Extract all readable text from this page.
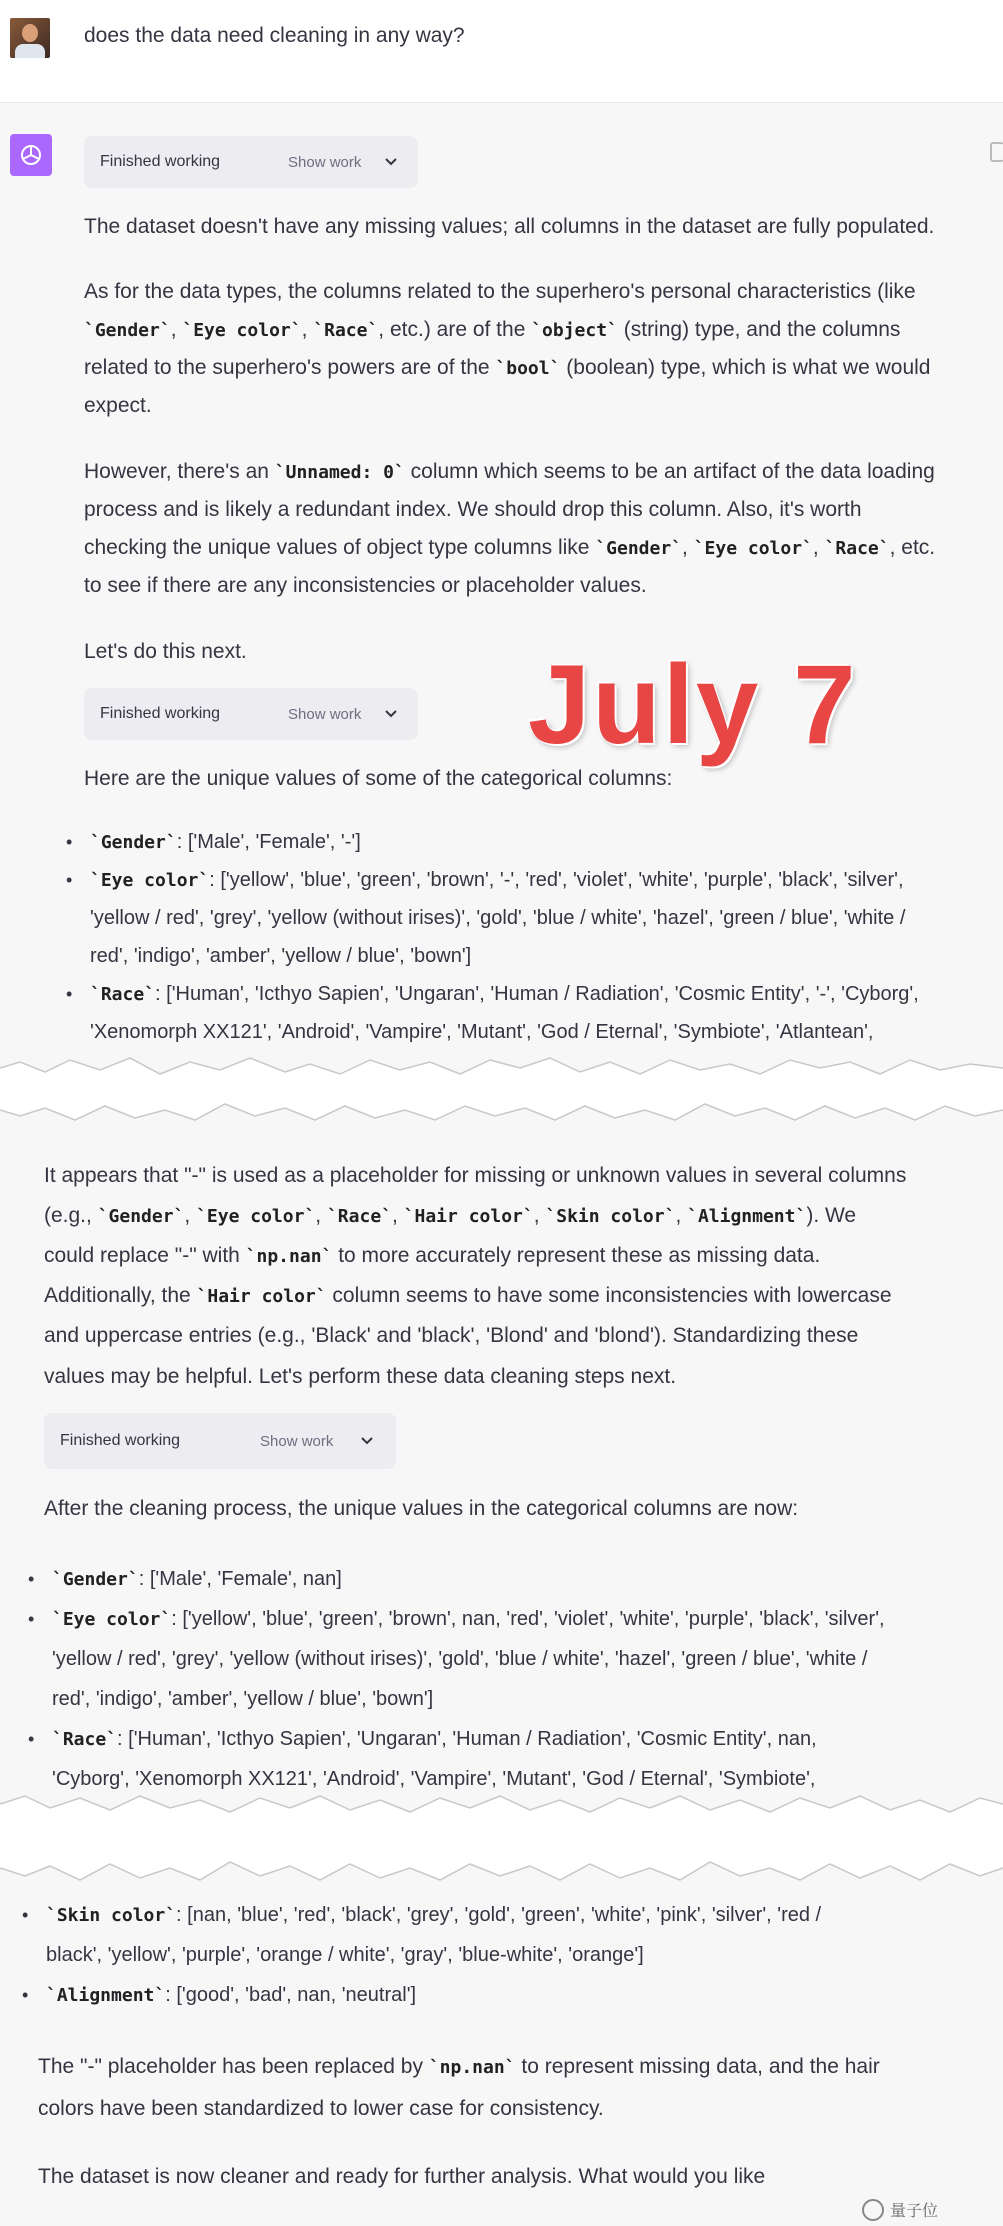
does the data need cleaning in any way?
Finished working	Show work
The dataset doesn't have any missing values; all columns in the dataset are fully populated.
As for the data types, the columns related to the superhero's personal characteristics (like
`Gender`, `Eye color`, `Race`, etc.) are of the `object` (string) type, and the columns
related to the superhero's powers are of the `bool` (boolean) type, which is what we would
expect.
However, there's an `Unnamed: 0` column which seems to be an artifact of the data loading
process and is likely a redundant index. We should drop this column. Also, it's worth
checking the unique values of object type columns like `Gender`, `Eye color`, `Race`, etc.
to see if there are any inconsistencies or placeholder values.
Let's do this next.
Finished working	Show work
Here are the unique values of some of the categorical columns:
• `Gender`: ['Male', 'Female', '-']
• `Eye color`: ['yellow', 'blue', 'green', 'brown', '-', 'red', 'violet', 'white', 'purple', 'black', 'silver',
'yellow / red', 'grey', 'yellow (without irises)', 'gold', 'blue / white', 'hazel', 'green / blue', 'white /
red', 'indigo', 'amber', 'yellow / blue', 'bown']
• `Race`: ['Human', 'Icthyo Sapien', 'Ungaran', 'Human / Radiation', 'Cosmic Entity', '-', 'Cyborg',
'Xenomorph XX121', 'Android', 'Vampire', 'Mutant', 'God / Eternal', 'Symbiote', 'Atlantean',
July 7
It appears that "-" is used as a placeholder for missing or unknown values in several columns
(e.g., `Gender`, `Eye color`, `Race`, `Hair color`, `Skin color`, `Alignment`). We
could replace "-" with `np.nan` to more accurately represent these as missing data.
Additionally, the `Hair color` column seems to have some inconsistencies with lowercase
and uppercase entries (e.g., 'Black' and 'black', 'Blond' and 'blond'). Standardizing these
values may be helpful. Let's perform these data cleaning steps next.
Finished working	Show work
After the cleaning process, the unique values in the categorical columns are now:
• `Gender`: ['Male', 'Female', nan]
• `Eye color`: ['yellow', 'blue', 'green', 'brown', nan, 'red', 'violet', 'white', 'purple', 'black', 'silver',
'yellow / red', 'grey', 'yellow (without irises)', 'gold', 'blue / white', 'hazel', 'green / blue', 'white /
red', 'indigo', 'amber', 'yellow / blue', 'bown']
• `Race`: ['Human', 'Icthyo Sapien', 'Ungaran', 'Human / Radiation', 'Cosmic Entity', nan,
'Cyborg', 'Xenomorph XX121', 'Android', 'Vampire', 'Mutant', 'God / Eternal', 'Symbiote',
• `Skin color`: [nan, 'blue', 'red', 'black', 'grey', 'gold', 'green', 'white', 'pink', 'silver', 'red /
black', 'yellow', 'purple', 'orange / white', 'gray', 'blue-white', 'orange']
• `Alignment`: ['good', 'bad', nan, 'neutral']
The "-" placeholder has been replaced by `np.nan` to represent missing data, and the hair
colors have been standardized to lower case for consistency.
The dataset is now cleaner and ready for further analysis. What would you like
量子位
